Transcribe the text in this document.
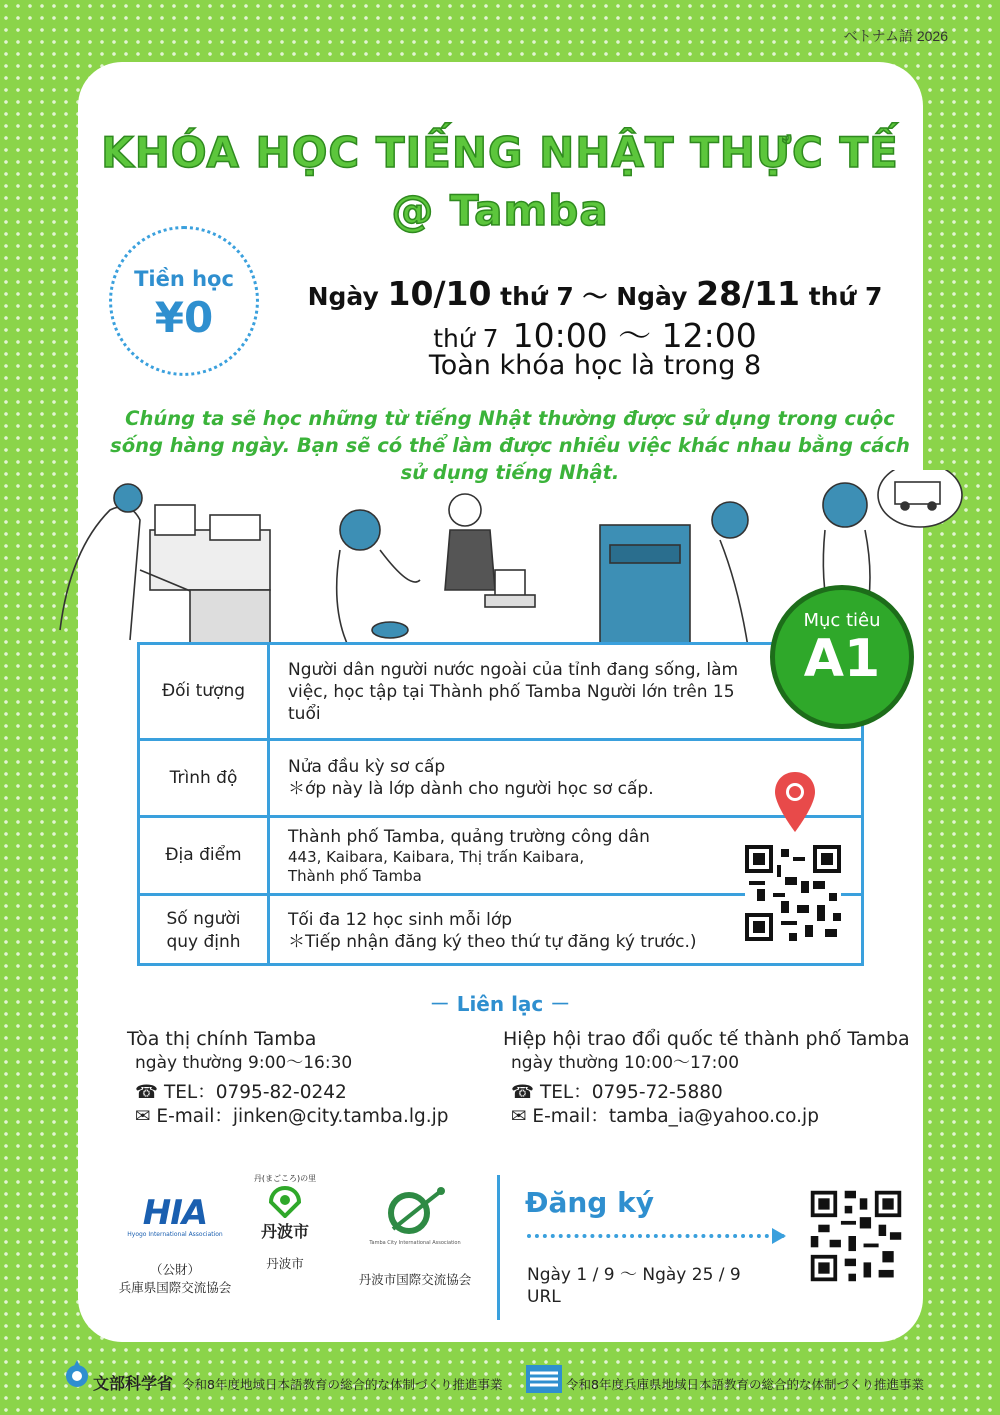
ベトナム語 2026
KHÓA HỌC TIẾNG NHẬT THỰC TẾ
@ Tamba
Tiền học
¥0	Ngày 10/10 thứ 7 ～ Ngày 28/11 thứ 7
thứ 7 10:00 ～ 12:00
Toàn khóa học là trong 8
Chúng ta sẽ học những từ tiếng Nhật thường được sử dụng trong cuộc sống hàng ngày. Bạn sẽ có thể làm được nhiều việc khác nhau bằng cách sử dụng tiếng Nhật.
Đối tượng
Người dân người nước ngoài của tỉnh đang sống, làm việc, học tập tại Thành phố Tamba Người lớn trên 15 tuổi
Trình độ
Nửa đầu kỳ sơ cấp
＊ớp này là lớp dành cho người học sơ cấp.
Địa điểm
Thành phố Tamba, quảng trường công dân
443, Kaibara, Kaibara, Thị trấn Kaibara,
Thành phố Tamba
Số người
quy định
Tối đa 12 học sinh mỗi lớp
＊Tiếp nhận đăng ký theo thứ tự đăng ký trước.)
Mục tiêu
A1
－ Liên lạc －
Tòa thị chính Tamba
ngày thường 9:00～16:30
☎ TEL：0795-82-0242
✉ E-mail：jinken@city.tamba.lg.jp
Hiệp hội trao đổi quốc tế thành phố Tamba
ngày thường 10:00～17:00
☎ TEL：0795-72-5880
✉ E-mail：tamba_ia@yahoo.co.jp
HIA
Hyogo International Association
（公財）
兵庫県国際交流協会
丹(まごころ)の里
丹波市
丹波市
Tamba City International Association
丹波市国際交流協会
Đăng ký
Ngày 1 / 9 ～ Ngày 25 / 9
URL
文部科学省 令和8年度地域日本語教育の総合的な体制づくり推進事業	令和8年度兵庫県地域日本語教育の総合的な体制づくり推進事業
